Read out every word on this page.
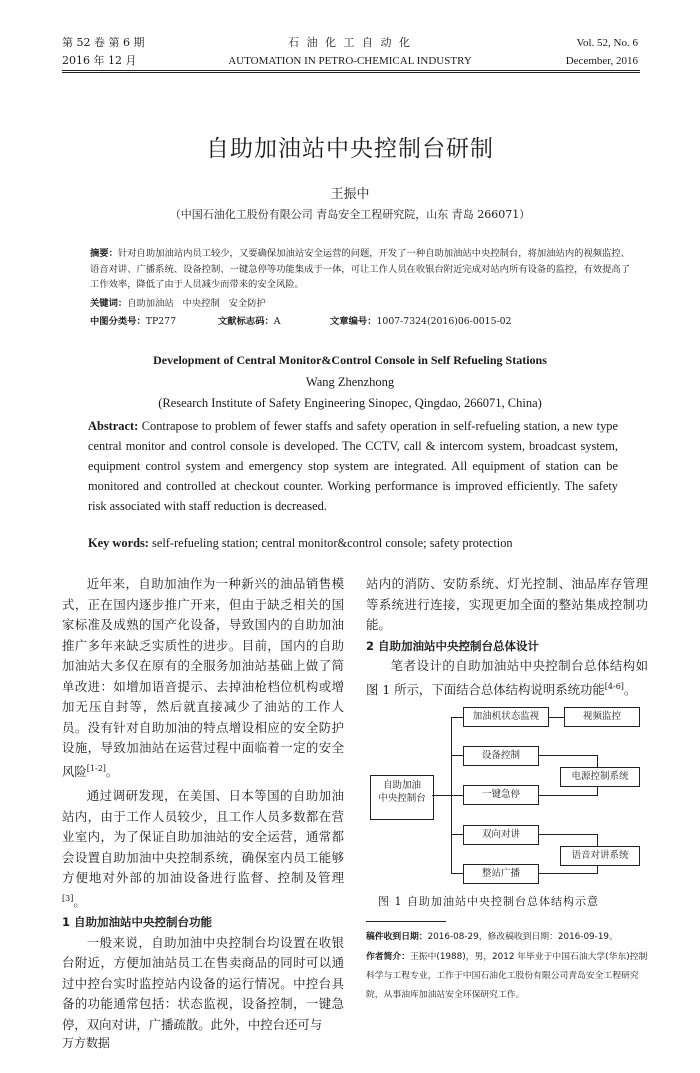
第 52 卷 第 6 期
2016 年 12 月
石 油 化 工 自 动 化
AUTOMATION IN PETRO-CHEMICAL INDUSTRY
Vol. 52, No. 6
December, 2016
自助加油站中央控制台研制
王振中
（中国石油化工股份有限公司 青岛安全工程研究院，山东 青岛 266071）
摘要：针对自助加油站内员工较少，又要确保加油站安全运营的问题，开发了一种自助加油站中央控制台，将加油站内的视频监控、语音对讲、广播系统、设备控制、一键急停等功能集成于一体，可让工作人员在收银台附近完成对站内所有设备的监控，有效提高了工作效率，降低了由于人员减少而带来的安全风险。
关键词：自助加油站   中央控制   安全防护
中图分类号：TP277	文献标志码：A	文章编号：1007-7324(2016)06-0015-02
Development of Central Monitor&Control Console in Self Refueling Stations
Wang Zhenzhong
(Research Institute of Safety Engineering Sinopec, Qingdao, 266071, China)
Abstract: Contrapose to problem of fewer staffs and safety operation in self-refueling station, a new type central monitor and control console is developed. The CCTV, call & intercom system, broadcast system, equipment control system and emergency stop system are integrated. All equipment of station can be monitored and controlled at checkout counter. Working performance is improved efficiently. The safety risk associated with staff reduction is decreased.
Key words: self-refueling station; central monitor&control console; safety protection

近年来，自助加油作为一种新兴的油品销售模式，正在国内逐步推广开来，但由于缺乏相关的国家标准及成熟的国产化设备，导致国内的自助加油推广多年来缺乏实质性的进步。目前，国内的自助加油站大多仅在原有的全服务加油站基础上做了简单改进：如增加语音提示、去掉油枪档位机构或增加无压自封等，然后就直接减少了油站的工作人员。没有针对自助加油的特点增设相应的安全防护设施，导致加油站在运营过程中面临着一定的安全风险[1-2]。

通过调研发现，在美国、日本等国的自助加油站内，由于工作人员较少，且工作人员多数都在营业室内，为了保证自助加油站的安全运营，通常都会设置自助加油中央控制系统，确保室内员工能够方便地对外部的加油设备进行监督、控制及管理[3]。

1 自助加油站中央控制台功能

一般来说，自助加油中央控制台均设置在收银台附近，方便加油站员工在售卖商品的同时可以通过中控台实时监控站内设备的运行情况。中控台具备的功能通常包括：状态监视，设备控制，一键急停，双向对讲，广播疏散。此外，中控台还可与

站内的消防、安防系统、灯光控制、油品库存管理等系统进行连接，实现更加全面的整站集成控制功能。

2 自助加油站中央控制台总体设计

笔者设计的自助加油站中央控制台总体结构如图 1 所示，下面结合总体结构说明系统功能[4-6]。

自助加油
中央控制台
加油机状态监视	视频监控
设备控制
电源控制系统
一键急停
双向对讲
语音对讲系统
整站广播
图 1 自助加油站中央控制台总体结构示意
稿件收到日期：2016-08-29，修改稿收到日期：2016-09-19。
作者简介：王振中(1988)，男，2012 年毕业于中国石油大学(华东)控制科学与工程专业，工作于中国石油化工股份有限公司青岛安全工程研究院，从事油库加油站安全环保研究工作。
万方数据
